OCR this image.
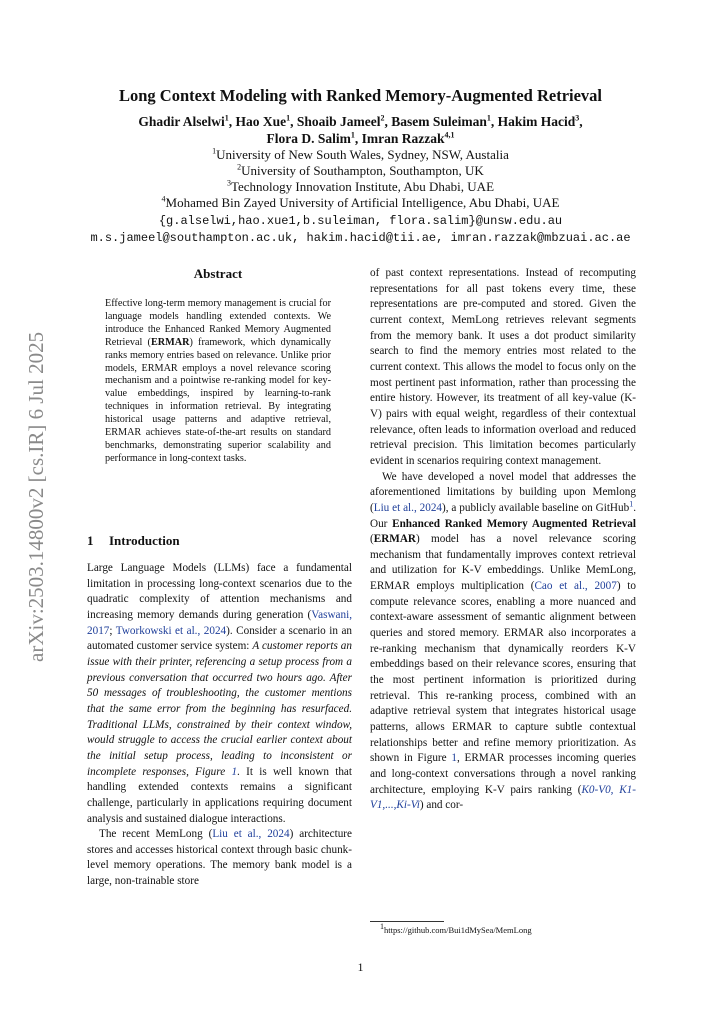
Long Context Modeling with Ranked Memory-Augmented Retrieval
Ghadir Alselwi$^1$, Hao Xue$^1$, Shoaib Jameel$^2$, Basem Suleiman$^1$, Hakim Hacid$^3$,
Flora D. Salim$^1$, Imran Razzak$^{4,1}$
$^1$University of New South Wales, Sydney, NSW, Austalia
$^2$University of Southampton, Southampton, UK
$^3$Technology Innovation Institute, Abu Dhabi, UAE
$^4$Mohamed Bin Zayed University of Artificial Intelligence, Abu Dhabi, UAE
{g.alselwi,hao.xue1,b.suleiman, flora.salim}@unsw.edu.au
m.s.jameel@southampton.ac.uk, hakim.hacid@tii.ae, imran.razzak@mbzuai.ac.ae
arXiv:2503.14800v2 [cs.IR] 6 Jul 2025
Abstract
Effective long-term memory management is crucial for language models handling extended contexts. We introduce the Enhanced Ranked Memory Augmented Retrieval (ERMAR) framework, which dynamically ranks memory entries based on relevance. Unlike prior models, ERMAR employs a novel relevance scoring mechanism and a pointwise re-ranking model for key-value embeddings, inspired by learning-to-rank techniques in information retrieval. By integrating historical usage patterns and adaptive retrieval, ERMAR achieves state-of-the-art results on standard benchmarks, demonstrating superior scalability and performance in long-context tasks.
1 Introduction

Large Language Models (LLMs) face a fundamental limitation in processing long-context scenarios due to the quadratic complexity of attention mechanisms and increasing memory demands during generation (Vaswani, 2017; Tworkowski et al., 2024). Consider a scenario in an automated customer service system: A customer reports an issue with their printer, referencing a setup process from a previous conversation that occurred two hours ago. After 50 messages of troubleshooting, the customer mentions that the same error from the beginning has resurfaced. Traditional LLMs, constrained by their context window, would struggle to access the crucial earlier context about the initial setup process, leading to inconsistent or incomplete responses, Figure 1. It is well known that handling extended contexts remains a significant challenge, particularly in applications requiring document analysis and sustained dialogue interactions.

The recent MemLong (Liu et al., 2024) architecture stores and accesses historical context through basic chunk-level memory operations. The memory bank model is a large, non-trainable store

of past context representations. Instead of recomputing representations for all past tokens every time, these representations are pre-computed and stored. Given the current context, MemLong retrieves relevant segments from the memory bank. It uses a dot product similarity search to find the memory entries most related to the current context. This allows the model to focus only on the most pertinent past information, rather than processing the entire history. However, its treatment of all key-value (K-V) pairs with equal weight, regardless of their contextual relevance, often leads to information overload and reduced retrieval precision. This limitation becomes particularly evident in scenarios requiring context management.

We have developed a novel model that addresses the aforementioned limitations by building upon Memlong (Liu et al., 2024), a publicly available baseline on GitHub$^1$. Our Enhanced Ranked Memory Augmented Retrieval (ERMAR) model has a novel relevance scoring mechanism that fundamentally improves context retrieval and utilization for K-V embeddings. Unlike MemLong, ERMAR employs multiplication (Cao et al., 2007) to compute relevance scores, enabling a more nuanced and context-aware assessment of semantic alignment between queries and stored memory. ERMAR also incorporates a re-ranking mechanism that dynamically reorders K-V embeddings based on their relevance scores, ensuring that the most pertinent information is prioritized during retrieval. This re-ranking process, combined with an adaptive retrieval system that integrates historical usage patterns, allows ERMAR to capture subtle contextual relationships better and refine memory prioritization. As shown in Figure 1, ERMAR processes incoming queries and long-context conversations through a novel ranking architecture, employing K-V pairs ranking (K0-V0, K1-V1,...,Ki-Vi) and cor-

$^1$https://github.com/Bui1dMySea/MemLong
1
